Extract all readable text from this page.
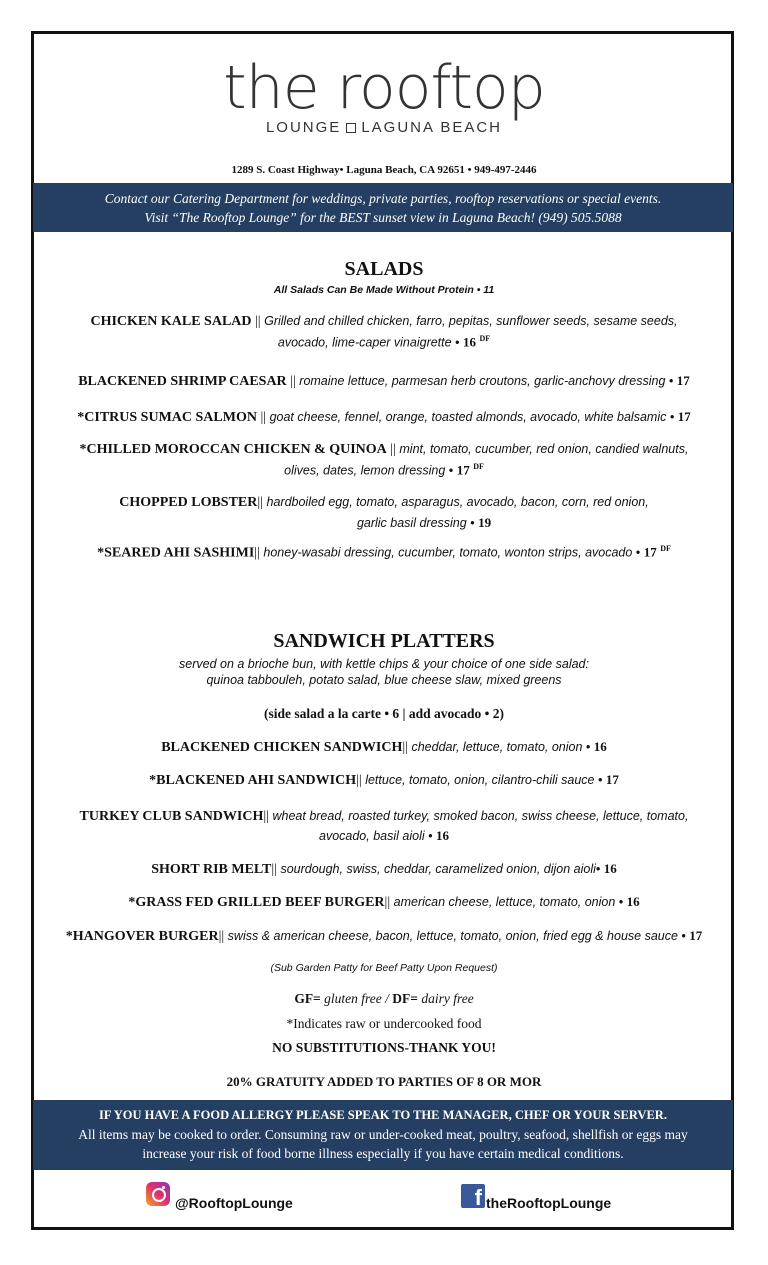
the rooftop
LOUNGE LAGUNA BEACH
1289 S. Coast Highway• Laguna Beach, CA 92651 • 949-497-2446
Contact our Catering Department for weddings, private parties, rooftop reservations or special events.
Visit “The Rooftop Lounge” for the BEST sunset view in Laguna Beach! (949) 505.5088
SALADS
All Salads Can Be Made Without Protein • 11
CHICKEN KALE SALAD || Grilled and chilled chicken, farro, pepitas, sunflower seeds, sesame seeds,
avocado, lime-caper vinaigrette • 16 $^{DF}$
BLACKENED SHRIMP CAESAR || romaine lettuce, parmesan herb croutons, garlic-anchovy dressing • 17
*CITRUS SUMAC SALMON || goat cheese, fennel, orange, toasted almonds, avocado, white balsamic • 17
*CHILLED MOROCCAN CHICKEN & QUINOA || mint, tomato, cucumber, red onion, candied walnuts,
olives, dates, lemon dressing • 17 $^{DF}$
CHOPPED LOBSTER|| hardboiled egg, tomato, asparagus, avocado, bacon, corn, red onion,
garlic basil dressing • 19
*SEARED AHI SASHIMI|| honey-wasabi dressing, cucumber, tomato, wonton strips, avocado • 17 $^{DF}$
SANDWICH PLATTERS
served on a brioche bun, with kettle chips & your choice of one side salad:
quinoa tabbouleh, potato salad, blue cheese slaw, mixed greens
(side salad a la carte • 6 | add avocado • 2)
BLACKENED CHICKEN SANDWICH|| cheddar, lettuce, tomato, onion • 16
*BLACKENED AHI SANDWICH|| lettuce, tomato, onion, cilantro-chili sauce • 17
TURKEY CLUB SANDWICH|| wheat bread, roasted turkey, smoked bacon, swiss cheese, lettuce, tomato,
avocado, basil aioli • 16
SHORT RIB MELT|| sourdough, swiss, cheddar, caramelized onion, dijon aioli• 16
*GRASS FED GRILLED BEEF BURGER|| american cheese, lettuce, tomato, onion • 16
*HANGOVER BURGER|| swiss & american cheese, bacon, lettuce, tomato, onion, fried egg & house sauce • 17
(Sub Garden Patty for Beef Patty Upon Request)
GF= gluten free / DF= dairy free
*Indicates raw or undercooked food
NO SUBSTITUTIONS-THANK YOU!
20% GRATUITY ADDED TO PARTIES OF 8 OR MOR
IF YOU HAVE A FOOD ALLERGY PLEASE SPEAK TO THE MANAGER, CHEF OR YOUR SERVER.
All items may be cooked to order. Consuming raw or under-cooked meat, poultry, seafood, shellfish or eggs may
increase your risk of food borne illness especially if you have certain medical conditions.
menupix
@RooftopLounge	f theRooftopLounge
